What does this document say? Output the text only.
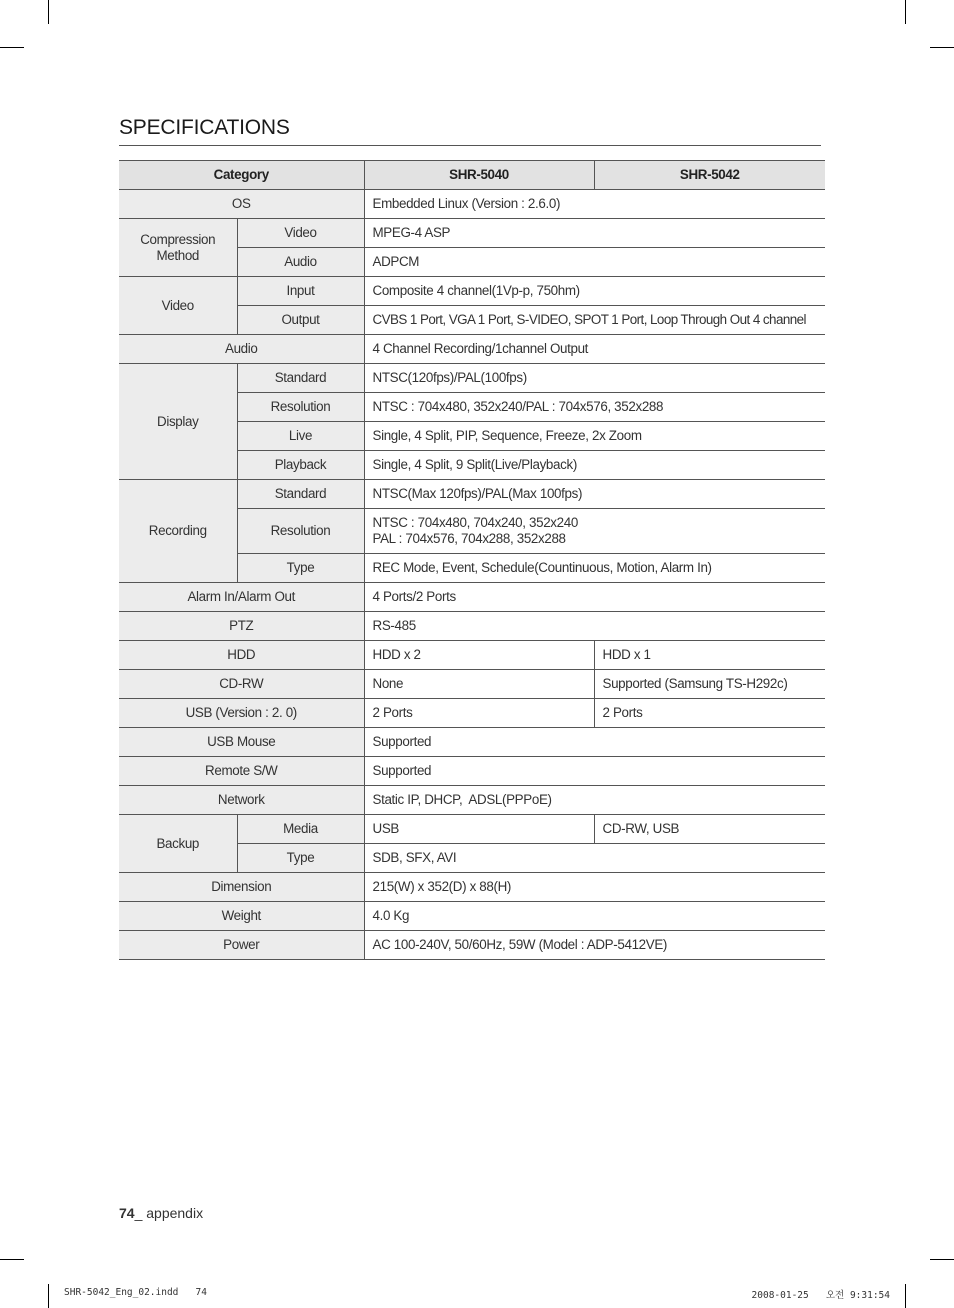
SPECIFICATIONS
Category		SHR-5040	SHR-5042
OS		Embedded Linux (Version : 2.6.0)	
Compression Method	Video	MPEG-4 ASP	
	Audio	ADPCM	
Video	Input	Composite 4 channel(1Vp-p, 750hm)	
	Output	CVBS 1 Port, VGA 1 Port, S-VIDEO, SPOT 1 Port, Loop Through Out 4 channel	
Audio		4 Channel Recording/1channel Output	
Display	Standard	NTSC(120fps)/PAL(100fps)	
	Resolution	NTSC : 704x480, 352x240/PAL : 704x576, 352x288	
	Live	Single, 4 Split, PIP, Sequence, Freeze, 2x Zoom	
	Playback	Single, 4 Split, 9 Split(Live/Playback)	
Recording	Standard	NTSC(Max 120fps)/PAL(Max 100fps)	
	Resolution	NTSC : 704x480, 704x240, 352x240
PAL : 704x576, 704x288, 352x288	

	Type	REC Mode, Event, Schedule(Countinuous, Motion, Alarm In)	
Alarm In/Alarm Out		4 Ports/2 Ports	
PTZ		RS-485	
HDD		HDD x 2	HDD x 1
CD-RW		None	Supported (Samsung TS-H292c)
USB (Version : 2. 0)		2 Ports	2 Ports
USB Mouse		Supported	
Remote S/W		Supported	
Network		Static IP, DHCP,  ADSL(PPPoE)	
Backup	Media	USB	CD-RW, USB
	Type	SDB, SFX, AVI	
Dimension		215(W) x 352(D) x 88(H)	
Weight		4.0 Kg	
Power		AC 100-240V, 50/60Hz, 59W (Model : ADP-5412VE)	
74_ appendix
SHR-5042_Eng_02.indd   74	2008-01-25   오전 9:31:54
